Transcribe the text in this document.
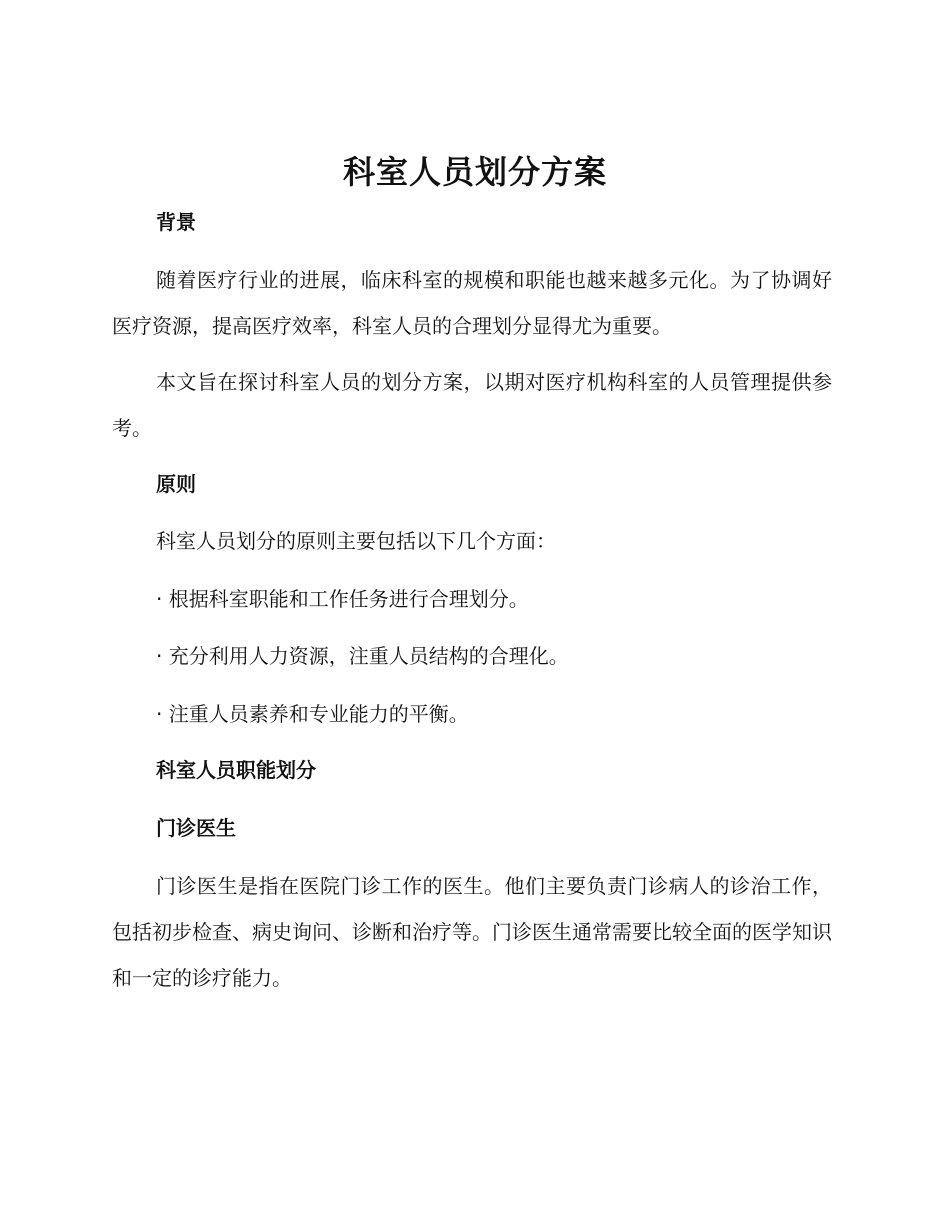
科室人员划分方案
背景
随着医疗行业的进展，临床科室的规模和职能也越来越多元化。为了协调好医疗资源，提高医疗效率，科室人员的合理划分显得尤为重要。
本文旨在探讨科室人员的划分方案，以期对医疗机构科室的人员管理提供参考。
原则
科室人员划分的原则主要包括以下几个方面：
· 根据科室职能和工作任务进行合理划分。
· 充分利用人力资源，注重人员结构的合理化。
· 注重人员素养和专业能力的平衡。
科室人员职能划分
门诊医生
门诊医生是指在医院门诊工作的医生。他们主要负责门诊病人的诊治工作，包括初步检查、病史询问、诊断和治疗等。门诊医生通常需要比较全面的医学知识和一定的诊疗能力。
